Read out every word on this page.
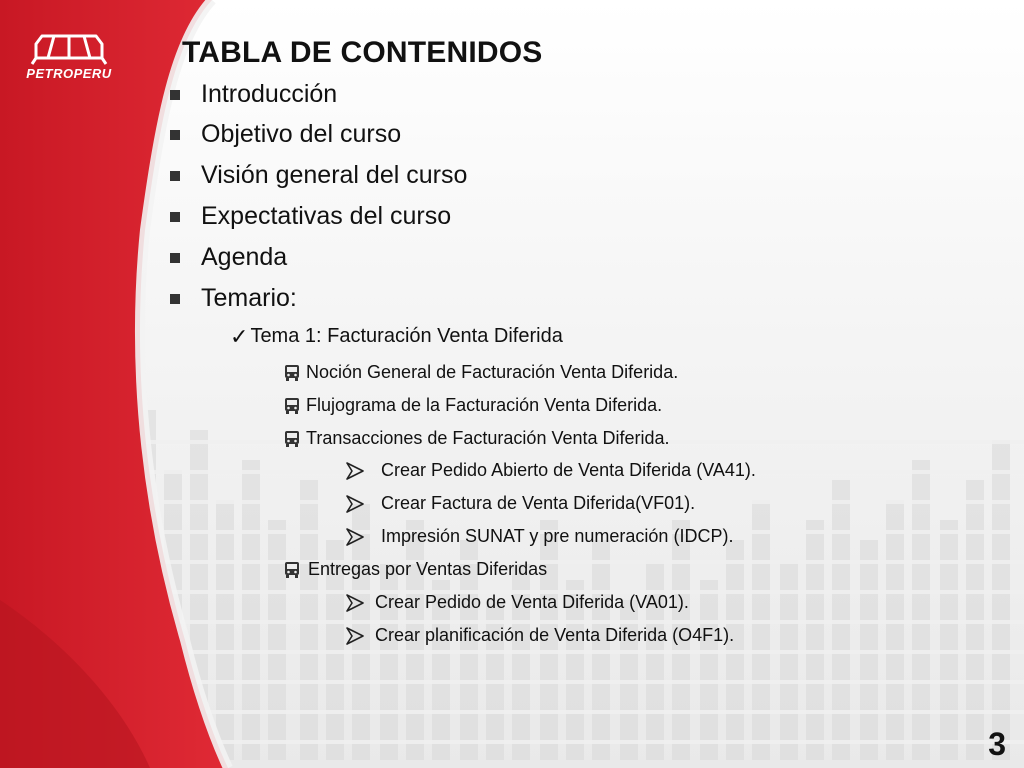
PETROPERU
TABLA DE CONTENIDOS
Introducción
Objetivo del curso
Visión general del curso
Expectativas del curso
Agenda
Temario:
✓ Tema 1: Facturación Venta Diferida
Noción General de Facturación Venta Diferida.
Flujograma de la Facturación Venta Diferida.
Transacciones de Facturación Venta Diferida.
Crear Pedido Abierto de Venta Diferida (VA41).
Crear Factura de Venta Diferida(VF01).
Impresión SUNAT y pre numeración (IDCP).
Entregas por Ventas Diferidas
Crear Pedido de Venta Diferida (VA01).
Crear planificación de Venta Diferida (O4F1).
3
